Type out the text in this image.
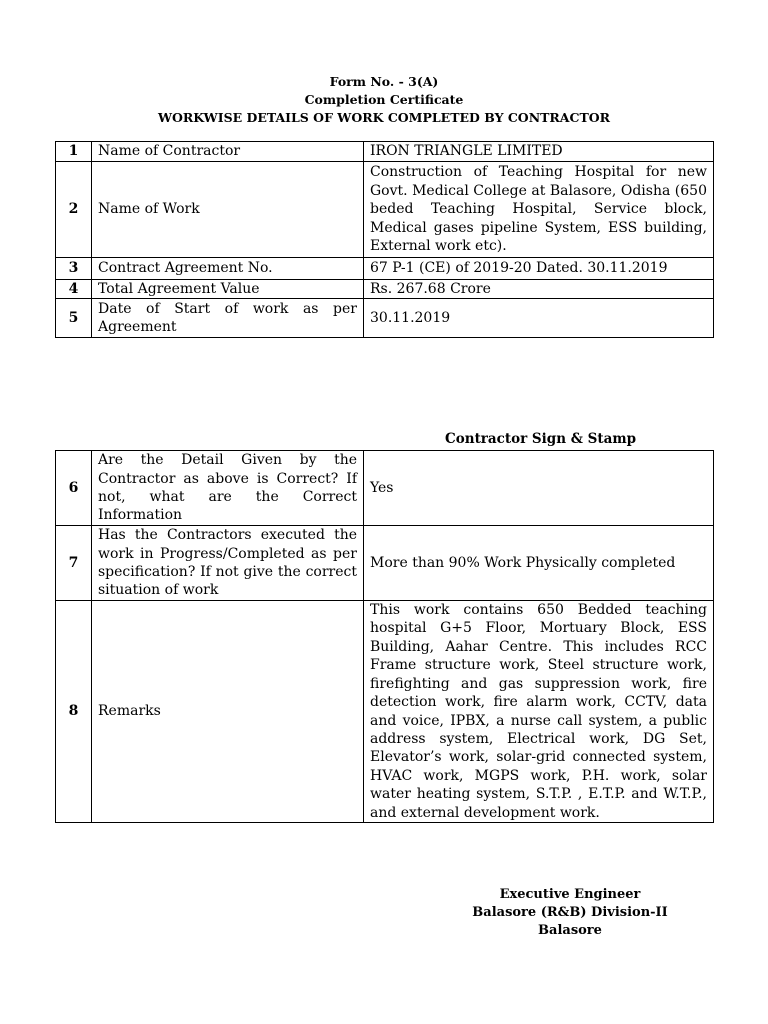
Form No. - 3(A)
Completion Certificate
WORKWISE DETAILS OF WORK COMPLETED BY CONTRACTOR
1	Name of Contractor	IRON TRIANGLE LIMITED
2	Name of Work	Construction of Teaching Hospital for new Govt. Medical College at Balasore, Odisha (650 beded Teaching Hospital, Service block, Medical gases pipeline System, ESS building, External work etc).
3	Contract Agreement No.	67 P-1 (CE) of 2019-20 Dated. 30.11.2019
4	Total Agreement Value	Rs. 267.68 Crore
5	Date of Start of work as per Agreement	30.11.2019
Contractor Sign & Stamp
6	Are the Detail Given by the Contractor as above is Correct? If not, what are the Correct Information	Yes
7	Has the Contractors executed the work in Progress/Completed as per specification? If not give the correct situation of work	More than 90% Work Physically completed
8	Remarks	This work contains 650 Bedded teaching hospital G+5 Floor, Mortuary Block, ESS Building, Aahar Centre. This includes RCC Frame structure work, Steel structure work, firefighting and gas suppression work, fire detection work, fire alarm work, CCTV, data and voice, IPBX, a nurse call system, a public address system, Electrical work, DG Set, Elevator’s work, solar-grid connected system, HVAC work, MGPS work, P.H. work, solar water heating system, S.T.P. , E.T.P. and W.T.P., and external development work.
Executive Engineer
Balasore (R&B) Division-II
Balasore
